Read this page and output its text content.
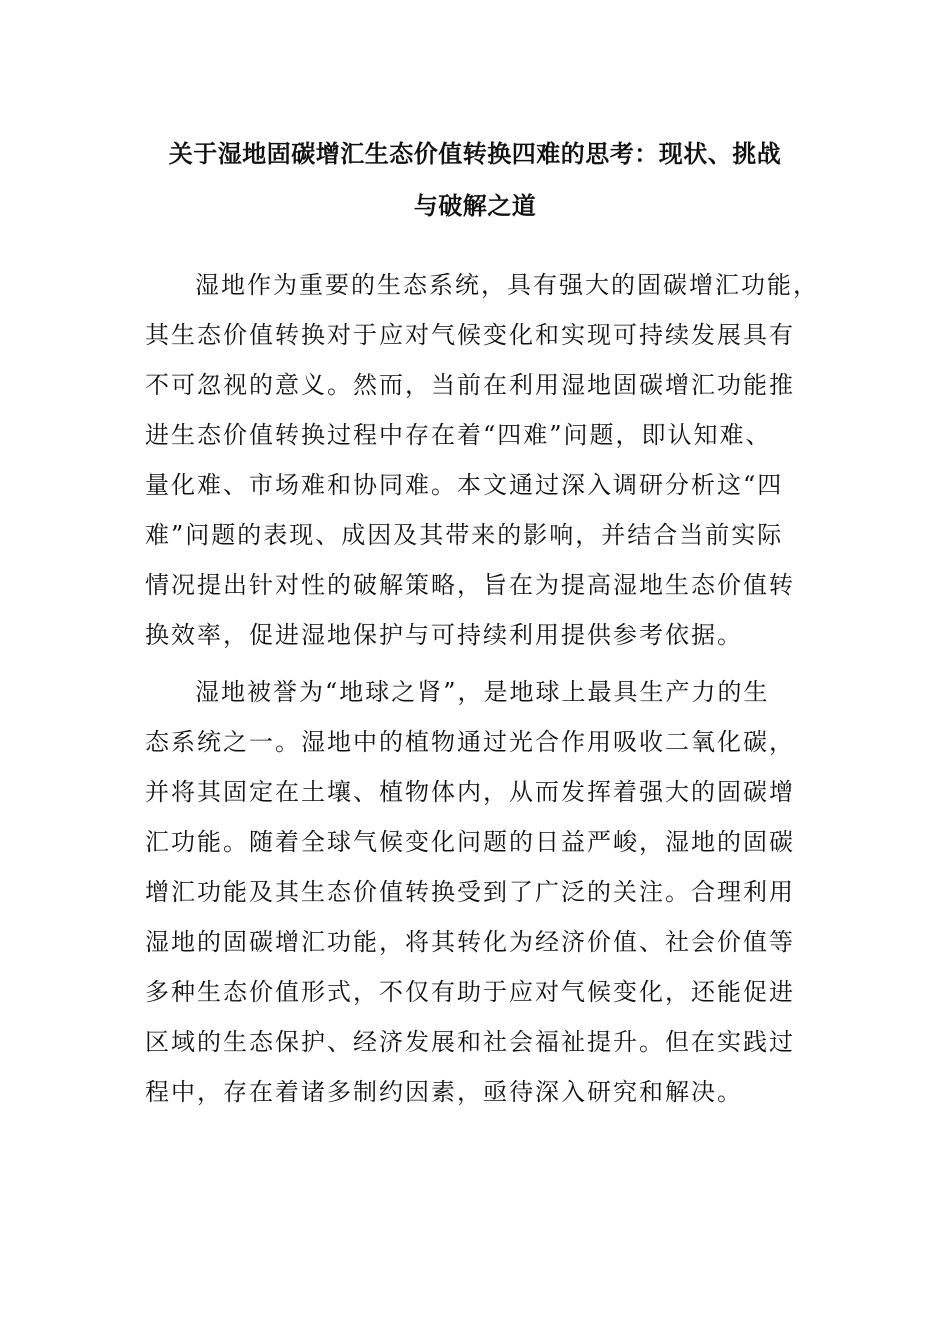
关于湿地固碳增汇生态价值转换四难的思考：现状、挑战
与破解之道
湿地作为重要的生态系统，具有强大的固碳增汇功能，
其生态价值转换对于应对气候变化和实现可持续发展具有
不可忽视的意义。然而，当前在利用湿地固碳增汇功能推
进生态价值转换过程中存在着“四难”问题，即认知难、
量化难、市场难和协同难。本文通过深入调研分析这“四
难”问题的表现、成因及其带来的影响，并结合当前实际
情况提出针对性的破解策略，旨在为提高湿地生态价值转
换效率，促进湿地保护与可持续利用提供参考依据。
湿地被誉为“地球之肾”，是地球上最具生产力的生
态系统之一。湿地中的植物通过光合作用吸收二氧化碳，
并将其固定在土壤、植物体内，从而发挥着强大的固碳增
汇功能。随着全球气候变化问题的日益严峻，湿地的固碳
增汇功能及其生态价值转换受到了广泛的关注。合理利用
湿地的固碳增汇功能，将其转化为经济价值、社会价值等
多种生态价值形式，不仅有助于应对气候变化，还能促进
区域的生态保护、经济发展和社会福祉提升。但在实践过
程中，存在着诸多制约因素，亟待深入研究和解决。
